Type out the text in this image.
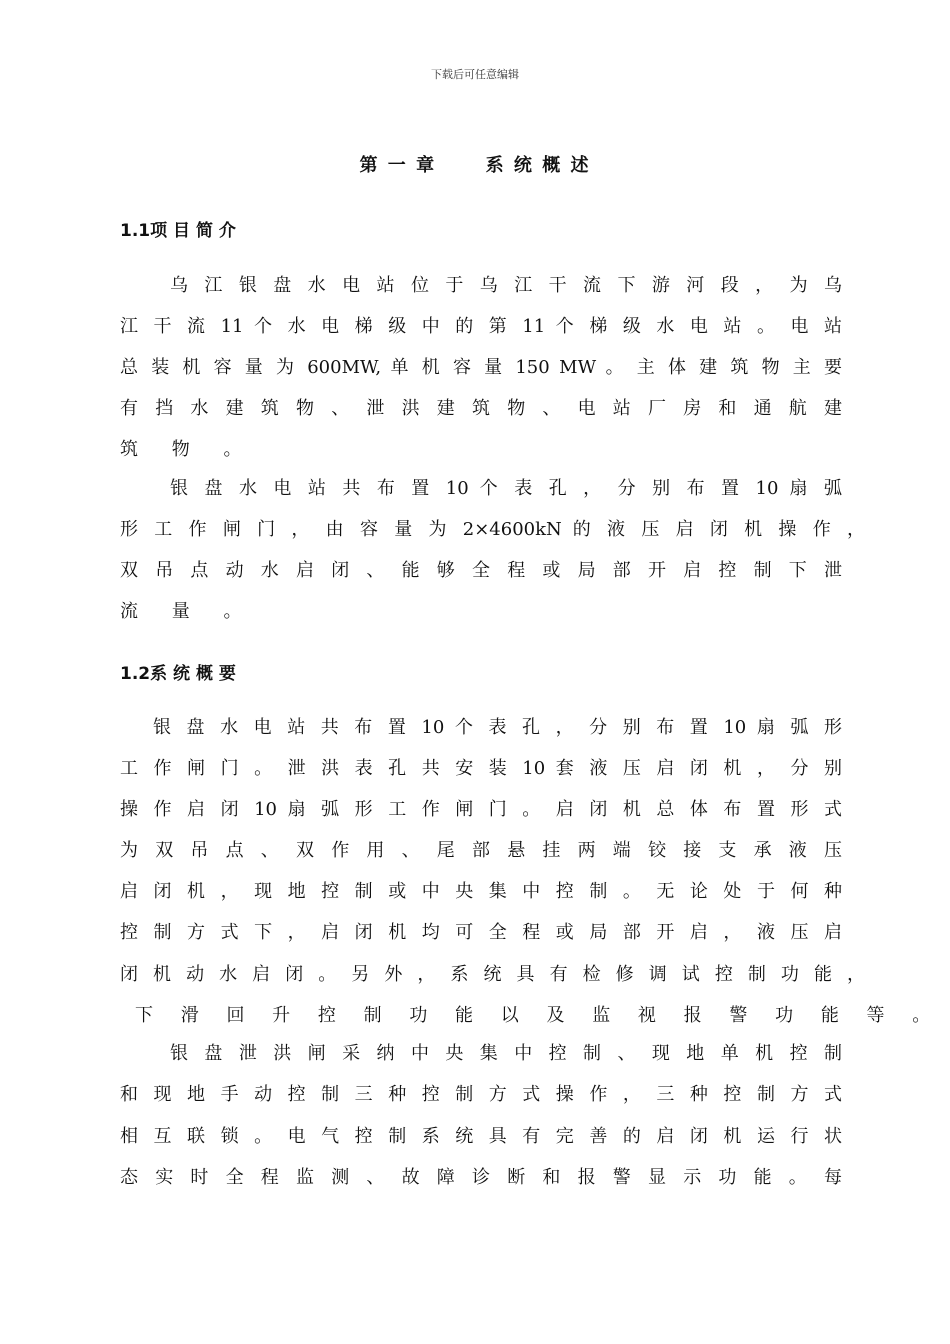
下载后可任意编辑
第 一 章      系 统 概 述
1.1项 目 简 介
乌 江 银 盘 水 电 站 位 于 乌 江 干 流 下 游 河 段 ， 为 乌
江 干 流 11 个 水 电 梯 级 中 的 第 11 个 梯 级 水 电 站 。 电 站
总 装 机 容 量 为 600MW, 单 机 容 量 150 MW 。 主 体 建 筑 物 主 要
有 挡 水 建 筑 物 、 泄 洪 建 筑 物 、 电 站 厂 房 和 通 航 建
筑 物 。
银 盘 水 电 站 共 布 置 10 个 表 孔 ， 分 别 布 置 10 扇 弧
形 工 作 闸 门 ， 由 容 量 为 2×4600kN 的 液 压 启 闭 机 操 作 ，
双 吊 点 动 水 启 闭 、 能 够 全 程 或 局 部 开 启 控 制 下 泄
流 量 。
1.2系 统 概 要
银 盘 水 电 站 共 布 置 10 个 表 孔 ， 分 别 布 置 10 扇 弧 形
工 作 闸 门 。 泄 洪 表 孔 共 安 装 10 套 液 压 启 闭 机 ， 分 别
操 作 启 闭 10 扇 弧 形 工 作 闸 门 。 启 闭 机 总 体 布 置 形 式
为 双 吊 点 、 双 作 用 、 尾 部 悬 挂 两 端 铰 接 支 承 液 压
启 闭 机 ， 现 地 控 制 或 中 央 集 中 控 制 。 无 论 处 于 何 种
控 制 方 式 下 ， 启 闭 机 均 可 全 程 或 局 部 开 启 ， 液 压 启
闭 机 动 水 启 闭 。 另 外 ， 系 统 具 有 检 修 调 试 控 制 功 能 ，
下 滑 回 升 控 制 功 能 以 及 监 视 报 警 功 能 等 。
银 盘 泄 洪 闸 采 纳 中 央 集 中 控 制 、 现 地 单 机 控 制
和 现 地 手 动 控 制 三 种 控 制 方 式 操 作 ， 三 种 控 制 方 式
相 互 联 锁 。 电 气 控 制 系 统 具 有 完 善 的 启 闭 机 运 行 状
态 实 时 全 程 监 测 、 故 障 诊 断 和 报 警 显 示 功 能 。 每
